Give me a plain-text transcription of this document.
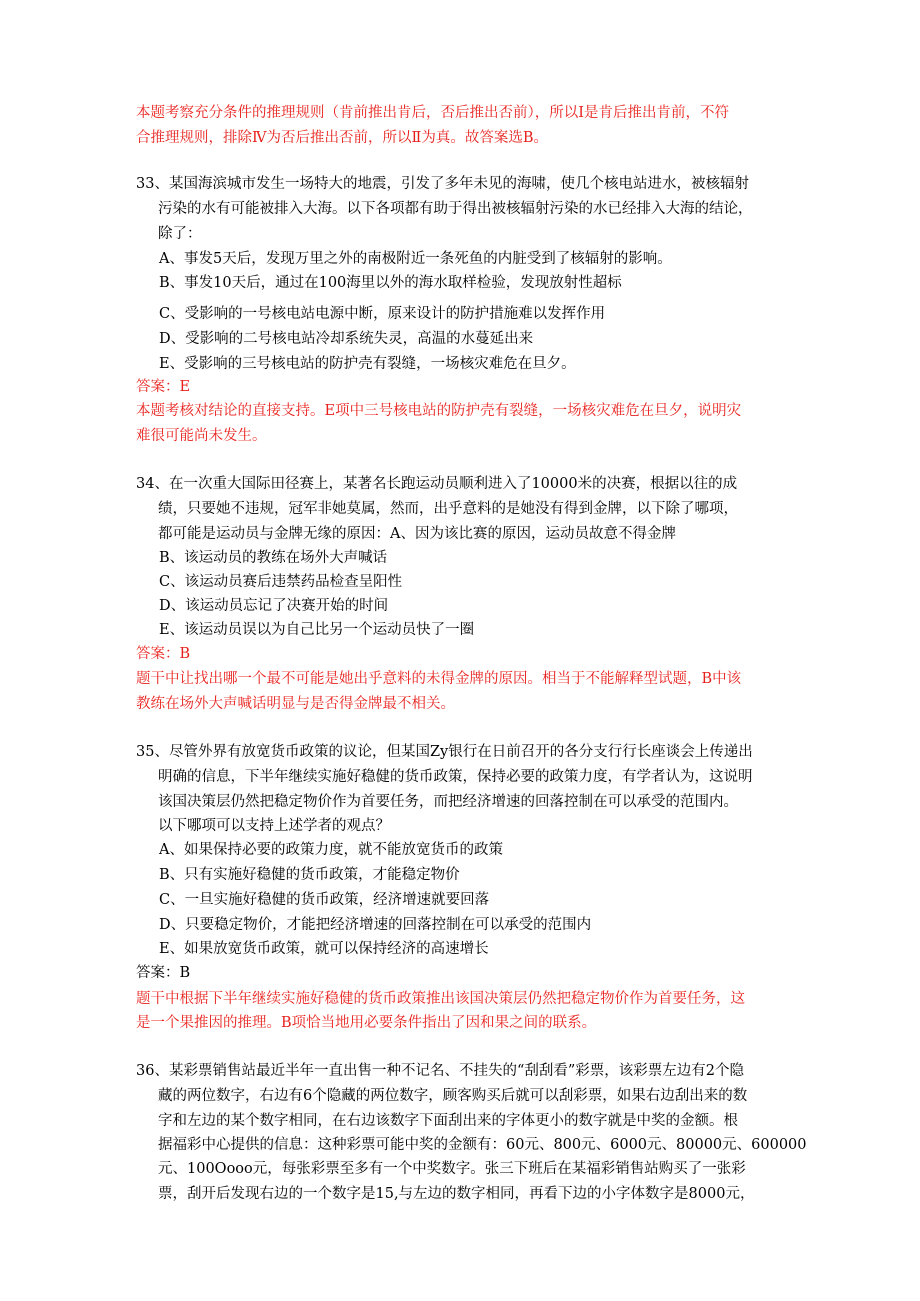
本题考察充分条件的推理规则（肯前推出肯后，否后推出否前），所以Ⅰ是肯后推出肯前，不符
合推理规则，排除Ⅳ为否后推出否前，所以Ⅱ为真。故答案选B。
33、某国海滨城市发生一场特大的地震，引发了多年未见的海啸，使几个核电站进水，被核辐射
污染的水有可能被排入大海。以下各项都有助于得出被核辐射污染的水已经排入大海的结论，
除了：
A、事发5天后，发现万里之外的南极附近一条死鱼的内脏受到了核辐射的影响。
B、事发10天后，通过在100海里以外的海水取样检验，发现放射性超标
C、受影响的一号核电站电源中断，原来设计的防护措施难以发挥作用
D、受影响的二号核电站冷却系统失灵，高温的水蔓延出来
E、受影响的三号核电站的防护壳有裂缝，一场核灾难危在旦夕。
答案：E
本题考核对结论的直接支持。E项中三号核电站的防护壳有裂缝，一场核灾难危在旦夕，说明灾
难很可能尚未发生。
34、在一次重大国际田径赛上，某著名长跑运动员顺利进入了10000米的决赛，根据以往的成
绩，只要她不违规，冠军非她莫属，然而，出乎意料的是她没有得到金牌，以下除了哪项，
都可能是运动员与金牌无缘的原因：A、因为该比赛的原因，运动员故意不得金牌
B、该运动员的教练在场外大声喊话
C、该运动员赛后违禁药品检查呈阳性
D、该运动员忘记了决赛开始的时间
E、该运动员误以为自己比另一个运动员快了一圈
答案：B
题干中让找出哪一个最不可能是她出乎意料的未得金牌的原因。相当于不能解释型试题，B中该
教练在场外大声喊话明显与是否得金牌最不相关。
35、尽管外界有放宽货币政策的议论，但某国Zy银行在日前召开的各分支行行长座谈会上传递出
明确的信息，下半年继续实施好稳健的货币政策，保持必要的政策力度，有学者认为，这说明
该国决策层仍然把稳定物价作为首要任务，而把经济增速的回落控制在可以承受的范围内。
以下哪项可以支持上述学者的观点？
A、如果保持必要的政策力度，就不能放宽货币的政策
B、只有实施好稳健的货币政策，才能稳定物价
C、一旦实施好稳健的货币政策，经济增速就要回落
D、只要稳定物价，才能把经济增速的回落控制在可以承受的范围内
E、如果放宽货币政策，就可以保持经济的高速增长
答案：B
题干中根据下半年继续实施好稳健的货币政策推出该国决策层仍然把稳定物价作为首要任务，这
是一个果推因的推理。B项恰当地用必要条件指出了因和果之间的联系。
36、某彩票销售站最近半年一直出售一种不记名、不挂失的“刮刮看”彩票，该彩票左边有2个隐
藏的两位数字，右边有6个隐藏的两位数字，顾客购买后就可以刮彩票，如果右边刮出来的数
字和左边的某个数字相同，在右边该数字下面刮出来的字体更小的数字就是中奖的金额。根
据福彩中心提供的信息：这种彩票可能中奖的金额有：60元、800元、6000元、80000元、600000
元、100Oooo元，每张彩票至多有一个中奖数字。张三下班后在某福彩销售站购买了一张彩
票，刮开后发现右边的一个数字是15,与左边的数字相同，再看下边的小字体数字是8000元，
